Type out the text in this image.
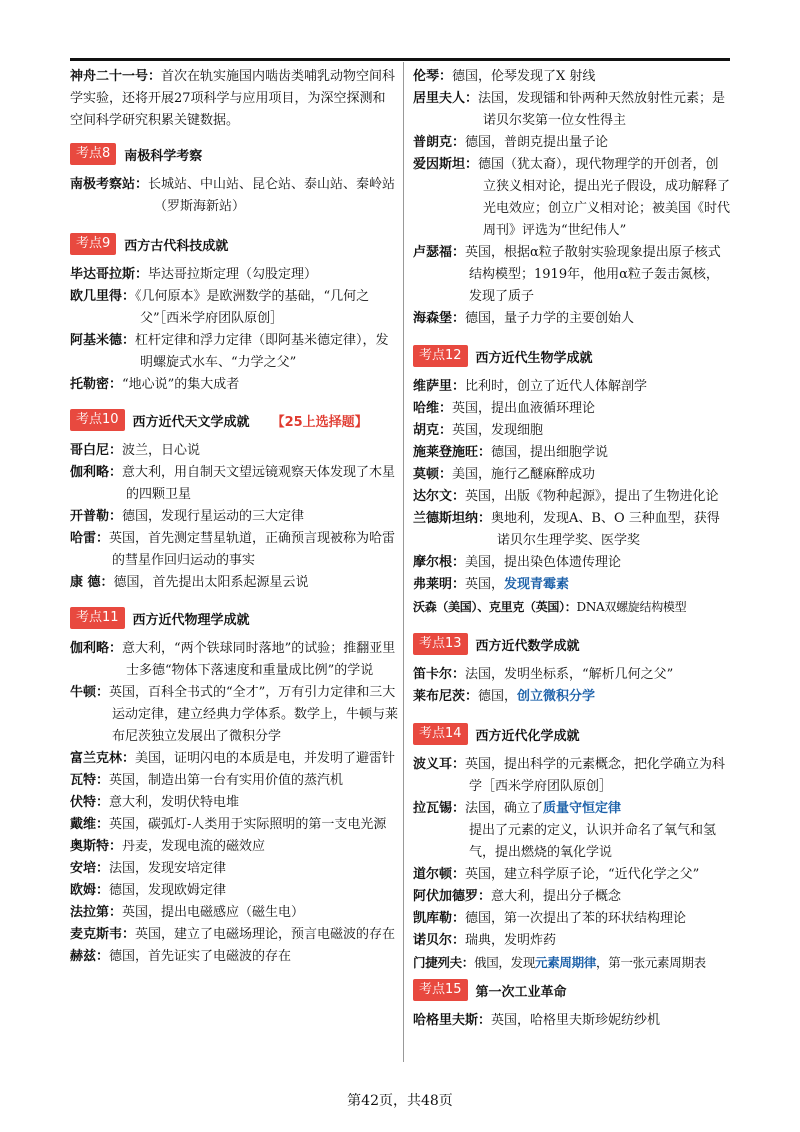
神舟二十一号：首次在轨实施国内啮齿类哺乳动物空间科学实验，还将开展27项科学与应用项目，为深空探测和空间科学研究积累关键数据。

考点8	南极科学考察

南极考察站：长城站、中山站、昆仑站、泰山站、秦岭站（罗斯海新站）

考点9	西方古代科技成就

毕达哥拉斯：毕达哥拉斯定理（勾股定理）

欧几里得：《几何原本》是欧洲数学的基础，“几何之父”［西米学府团队原创］

阿基米德：杠杆定律和浮力定律（即阿基米德定律），发明螺旋式水车、“力学之父”

托勒密：“地心说”的集大成者

考点10	西方近代天文学成就 【25上选择题】

哥白尼：波兰，日心说

伽利略：意大利，用自制天文望远镜观察天体发现了木星的四颗卫星

开普勒：德国，发现行星运动的三大定律

哈雷：英国，首先测定彗星轨道，正确预言现被称为哈雷的彗星作回归运动的事实

康 德：德国，首先提出太阳系起源星云说

考点11	西方近代物理学成就

伽利略：意大利，“两个铁球同时落地”的试验；推翻亚里士多德“物体下落速度和重量成比例”的学说

牛顿：英国，百科全书式的“全才”，万有引力定律和三大运动定律，建立经典力学体系。数学上，牛顿与莱布尼茨独立发展出了微积分学

富兰克林：美国，证明闪电的本质是电，并发明了避雷针

瓦特：英国，制造出第一台有实用价值的蒸汽机

伏特：意大利，发明伏特电堆

戴维：英国，碳弧灯-人类用于实际照明的第一支电光源

奥斯特：丹麦，发现电流的磁效应

安培：法国，发现安培定律

欧姆：德国，发现欧姆定律

法拉第：英国，提出电磁感应（磁生电）

麦克斯韦：英国，建立了电磁场理论，预言电磁波的存在

赫兹：德国，首先证实了电磁波的存在

伦琴：德国，伦琴发现了X 射线

居里夫人：法国，发现镭和钋两种天然放射性元素；是诺贝尔奖第一位女性得主

普朗克：德国，普朗克提出量子论

爱因斯坦：德国（犹太裔），现代物理学的开创者，创立狭义相对论，提出光子假设，成功解释了光电效应；创立广义相对论；被美国《时代周刊》评选为“世纪伟人”

卢瑟福：英国，根据α粒子散射实验现象提出原子核式结构模型；1919年，他用α粒子轰击氮核，发现了质子

海森堡：德国，量子力学的主要创始人

考点12	西方近代生物学成就

维萨里：比利时，创立了近代人体解剖学

哈维：英国，提出血液循环理论

胡克：英国，发现细胞

施莱登施旺：德国，提出细胞学说

莫顿：美国，施行乙醚麻醉成功

达尔文：英国，出版《物种起源》，提出了生物进化论

兰德斯坦纳：奥地利，发现A、B、O 三种血型，获得诺贝尔生理学奖、医学奖

摩尔根：美国，提出染色体遗传理论

弗莱明：英国，发现青霉素

沃森（美国）、克里克（英国）：DNA双螺旋结构模型

考点13	西方近代数学成就

笛卡尔：法国，发明坐标系，“解析几何之父”

莱布尼茨：德国，创立微积分学

考点14	西方近代化学成就

波义耳：英国，提出科学的元素概念，把化学确立为科学［西米学府团队原创］

拉瓦锡：法国，确立了质量守恒定律

提出了元素的定义，认识并命名了氧气和氢气，提出燃烧的氧化学说

道尔顿：英国，建立科学原子论，“近代化学之父”

阿伏加德罗：意大利，提出分子概念

凯库勒：德国，第一次提出了苯的环状结构理论

诺贝尔：瑞典，发明炸药

门捷列夫：俄国，发现元素周期律，第一张元素周期表

考点15	第一次工业革命

哈格里夫斯：英国，哈格里夫斯珍妮纺纱机

第42页，共48页
